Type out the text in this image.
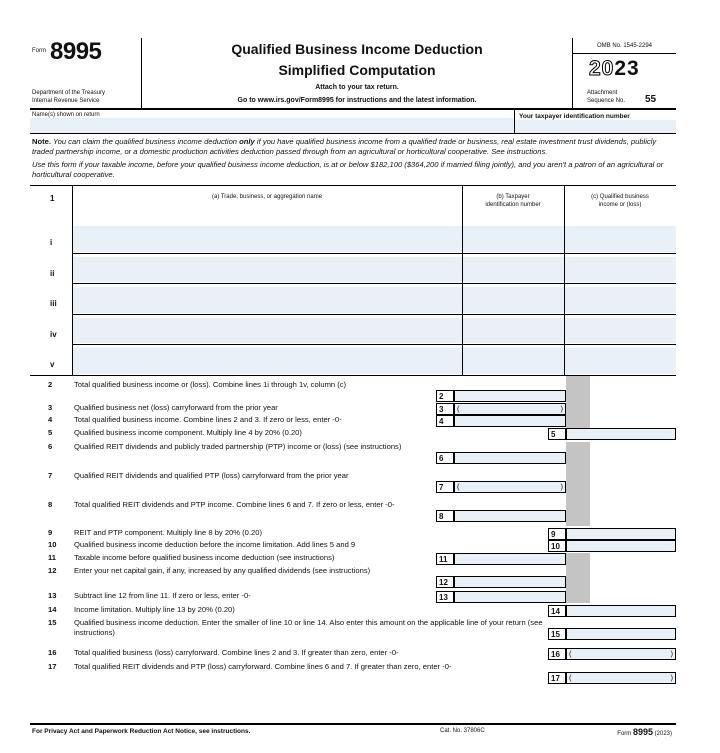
Form 8995
Department of the Treasury
Internal Revenue Service
Qualified Business Income Deduction
Simplified Computation
Attach to your tax return.
Go to www.irs.gov/Form8995 for instructions and the latest information.
OMB No. 1545-2294
2023
Attachment
Sequence No. 55
Name(s) shown on return	Your taxpayer identification number

Note. You can claim the qualified business income deduction only if you have qualified business income from a qualified trade or business, real estate investment trust dividends, publicly traded partnership income, or a domestic production activities deduction passed through from an agricultural or horticultural cooperative. See instructions.

Use this form if your taxable income, before your qualified business income deduction, is at or below $182,100 ($364,200 if married filing jointly), and you aren't a patron of an agricultural or horticultural cooperative.

1	(a) Trade, business, or aggregation name	(b) Taxpayer
identification number
(c) Qualified business
income or (loss)
i
ii
iii
iv
v
2	Total qualified business income or (loss). Combine lines 1i through 1v, column (c)
2
3	Qualified business net (loss) carryforward from the prior year	3	(	)
4	Total qualified business income. Combine lines 2 and 3. If zero or less, enter -0-	4
5	Qualified business income component. Multiply line 4 by 20% (0.20)	5
6	Qualified REIT dividends and publicly traded partnership (PTP) income or (loss) (see instructions)
6
7	Qualified REIT dividends and qualified PTP (loss) carryforward from the prior year
7	(	)
8	Total qualified REIT dividends and PTP income. Combine lines 6 and 7. If zero or less, enter -0-
8
9	REIT and PTP component. Multiply line 8 by 20% (0.20)	9
10 Qualified business income deduction before the income limitation. Add lines 5 and 9	10
11 Taxable income before qualified business income deduction (see instructions)	11
12 Enter your net capital gain, if any, increased by any qualified dividends (see instructions)
12
13 Subtract line 12 from line 11. If zero or less, enter -0-	13
14 Income limitation. Multiply line 13 by 20% (0.20)	14
15 Qualified business income deduction. Enter the smaller of line 10 or line 14. Also enter this amount on the applicable line of your return (see instructions)	15
16 Total qualified business (loss) carryforward. Combine lines 2 and 3. If greater than zero, enter -0-	16	(	)
17 Total qualified REIT dividends and PTP (loss) carryforward. Combine lines 6 and 7. If greater than zero, enter -0-
17	(	)
For Privacy Act and Paperwork Reduction Act Notice, see instructions.	Cat. No. 37806C	Form 8995 (2023)
